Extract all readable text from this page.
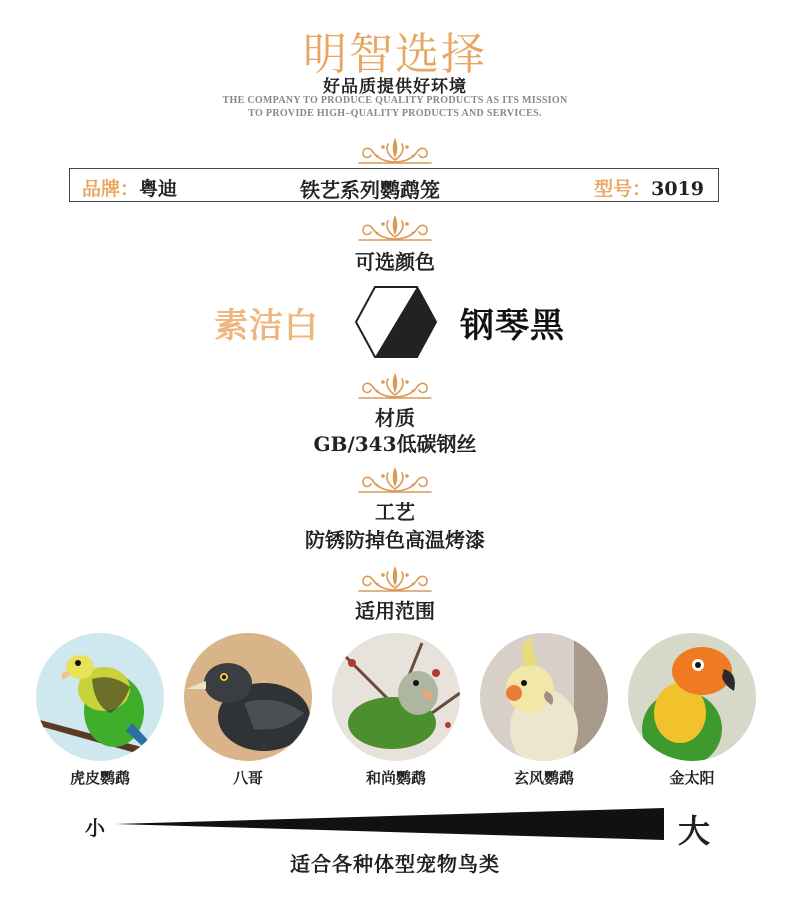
明智选择
好品质提供好环境
THE COMPANY TO PRODUCE QUALITY PRODUCTS AS ITS MISSION
TO PROVIDE HIGH–QUALITY PRODUCTS AND SERVICES.
品牌：粤迪	铁艺系列鹦鹉笼	型号：3019
可选颜色
素洁白	钢琴黑
材质
GB/343低碳钢丝
工艺
防锈防掉色高温烤漆
适用范围
虎皮鹦鹉	八哥	和尚鹦鹉	玄风鹦鹉	金太阳
小	大
适合各种体型宠物鸟类
